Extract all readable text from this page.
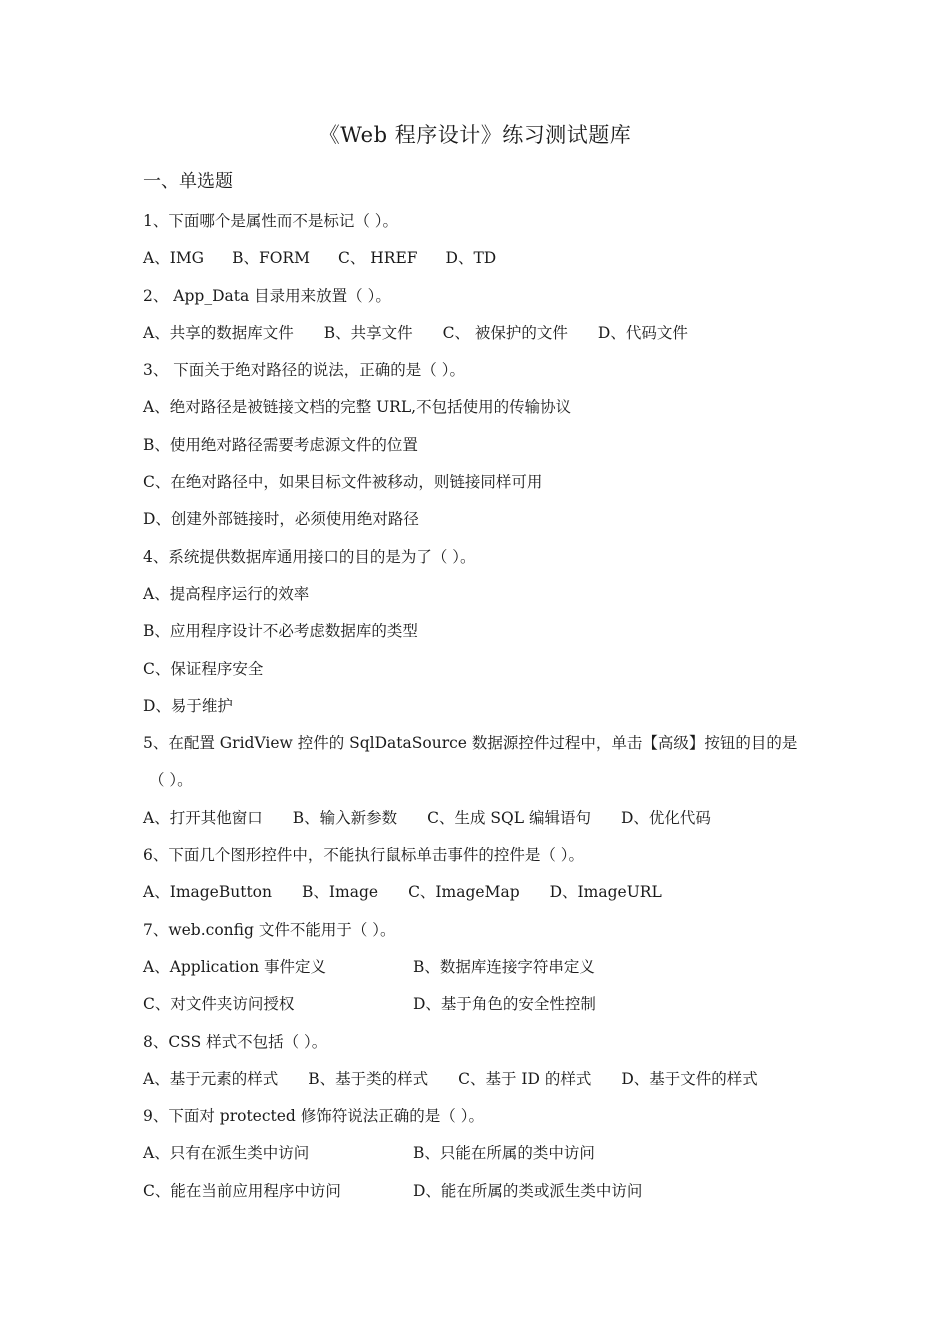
《Web 程序设计》练习测试题库
一、单选题
1、下面哪个是属性而不是标记（ ）。
A、IMG B、FORM C、 HREF D、TD
2、 App_Data 目录用来放置（ ）。
A、共享的数据库文件 B、共享文件 C、 被保护的文件 D、代码文件
3、 下面关于绝对路径的说法，正确的是（ ）。
A、绝对路径是被链接文档的完整 URL,不包括使用的传输协议
B、使用绝对路径需要考虑源文件的位置
C、在绝对路径中，如果目标文件被移动，则链接同样可用
D、创建外部链接时，必须使用绝对路径
4、系统提供数据库通用接口的目的是为了（ ）。
A、提高程序运行的效率
B、应用程序设计不必考虑数据库的类型
C、保证程序安全
D、易于维护
5、在配置 GridView 控件的 SqlDataSource 数据源控件过程中，单击【高级】按钮的目的是
（ ）。
A、打开其他窗口 B、输入新参数 C、生成 SQL 编辑语句 D、优化代码
6、下面几个图形控件中，不能执行鼠标单击事件的控件是（ ）。
A、ImageButton B、Image C、ImageMap D、ImageURL
7、web.config 文件不能用于（ ）。
A、Application 事件定义	B、数据库连接字符串定义
C、对文件夹访问授权	D、基于角色的安全性控制
8、CSS 样式不包括（ ）。
A、基于元素的样式 B、基于类的样式 C、基于 ID 的样式 D、基于文件的样式
9、下面对 protected 修饰符说法正确的是（ ）。
A、只有在派生类中访问	B、只能在所属的类中访问
C、能在当前应用程序中访问	D、能在所属的类或派生类中访问
